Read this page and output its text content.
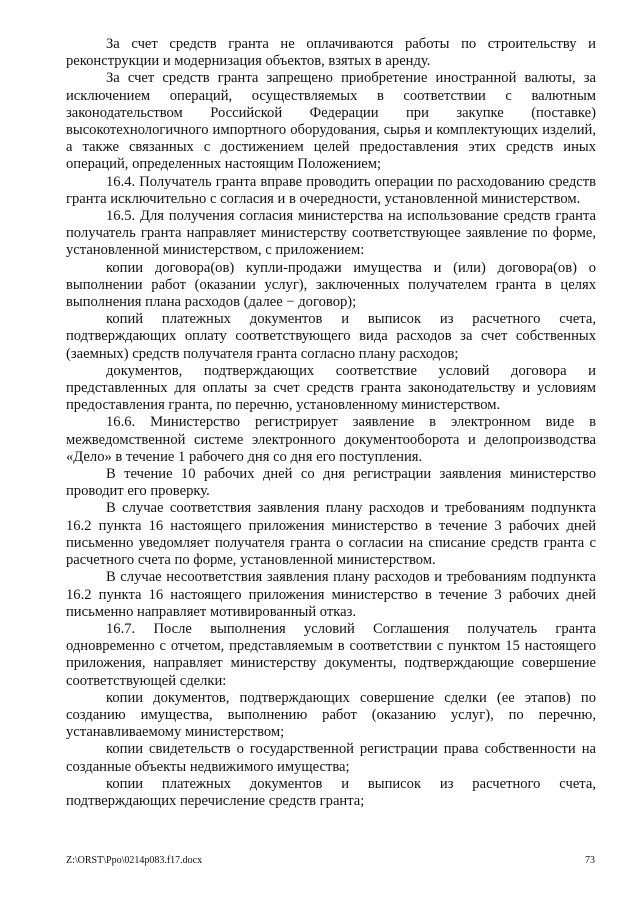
За счет средств гранта не оплачиваются работы по строительству и реконструкции и модернизация объектов, взятых в аренду.

За счет средств гранта запрещено приобретение иностранной валюты, за исключением операций, осуществляемых в соответствии с валютным законодательством Российской Федерации при закупке (поставке) высокотехнологичного импортного оборудования, сырья и комплектующих изделий, а также связанных с достижением целей предоставления этих средств иных операций, определенных настоящим Положением;

16.4. Получатель гранта вправе проводить операции по расходованию средств гранта исключительно с согласия и в очередности, установленной министерством.

16.5. Для получения согласия министерства на использование средств гранта получатель гранта направляет министерству соответствующее заявление по форме, установленной министерством, с приложением:

копии договора(ов) купли-продажи имущества и (или) договора(ов) о выполнении работ (оказании услуг), заключенных получателем гранта в целях выполнения плана расходов (далее − договор);

копий платежных документов и выписок из расчетного счета, подтверждающих оплату соответствующего вида расходов за счет собственных (заемных) средств получателя гранта согласно плану расходов;

документов, подтверждающих соответствие условий договора и представленных для оплаты за счет средств гранта законодательству и условиям предоставления гранта, по перечню, установленному министерством.

16.6. Министерство регистрирует заявление в электронном виде в межведомственной системе электронного документооборота и делопроизводства «Дело» в течение 1 рабочего дня со дня его поступления.

В течение 10 рабочих дней со дня регистрации заявления министерство проводит его проверку.

В случае соответствия заявления плану расходов и требованиям подпункта 16.2 пункта 16 настоящего приложения министерство в течение 3 рабочих дней письменно уведомляет получателя гранта о согласии на списание средств гранта с расчетного счета по форме, установленной министерством.

В случае несоответствия заявления плану расходов и требованиям подпункта 16.2 пункта 16 настоящего приложения министерство в течение 3 рабочих дней письменно направляет мотивированный отказ.

16.7. После выполнения условий Соглашения получатель гранта одновременно с отчетом, представляемым в соответствии с пунктом 15 настоящего приложения, направляет министерству документы, подтверждающие совершение соответствующей сделки:

копии документов, подтверждающих совершение сделки (ее этапов) по созданию имущества, выполнению работ (оказанию услуг), по перечню, устанавливаемому министерством;

копии свидетельств о государственной регистрации права собственности на созданные объекты недвижимого имущества;

копии платежных документов и выписок из расчетного счета, подтверждающих перечисление средств гранта;

Z:\ORST\Ppo\0214p083.f17.docx	73
